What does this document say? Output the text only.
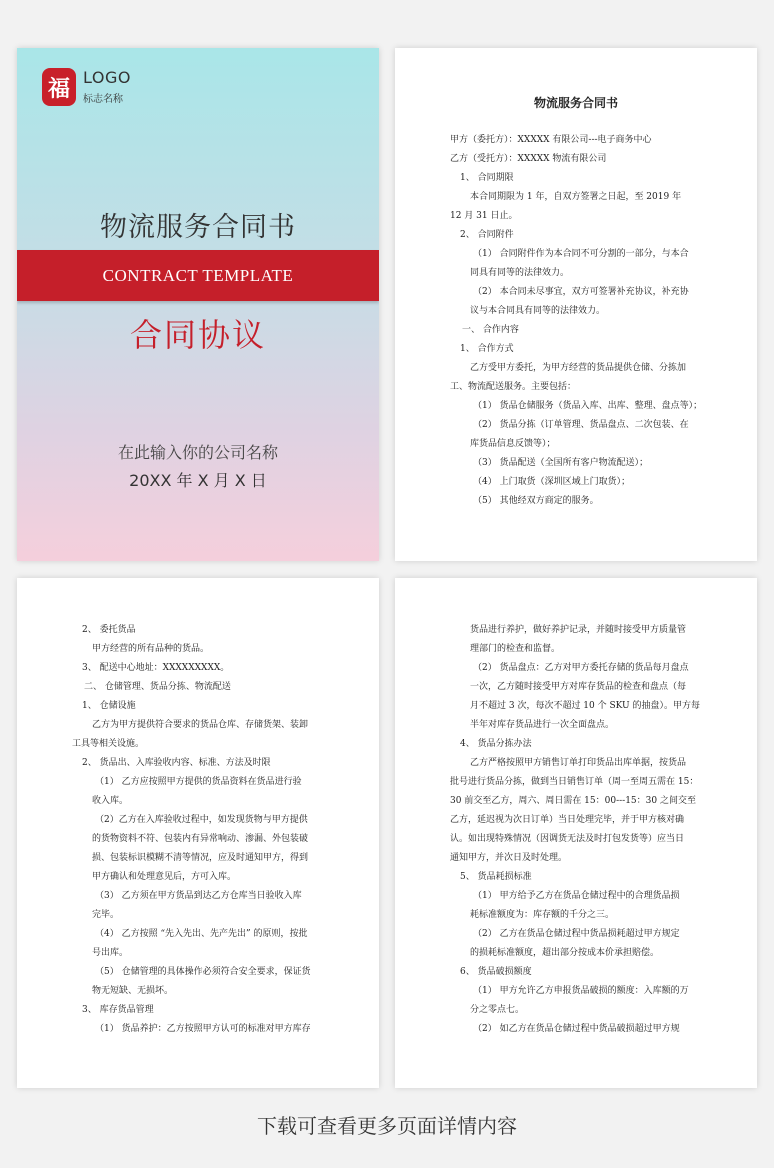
福 LOGO
标志名称
物流服务合同书
CONTRACT TEMPLATE
合同协议
在此输入你的公司名称
20XX 年 X 月 X 日
物流服务合同书
甲方（委托方）：XXXXX 有限公司---电子商务中心
乙方（受托方）：XXXXX 物流有限公司
1、 合同期限
本合同期限为 1 年，自双方签署之日起，至 2019 年
12 月 31 日止。
2、 合同附件
（1） 合同附件作为本合同不可分割的一部分，与本合
同具有同等的法律效力。
（2） 本合同未尽事宜，双方可签署补充协议，补充协
议与本合同具有同等的法律效力。
一、 合作内容
1、 合作方式
乙方受甲方委托，为甲方经营的货品提供仓储、分拣加
工、物流配送服务。主要包括：
（1） 货品仓储服务（货品入库、出库、整理、盘点等）；
（2） 货品分拣（订单管理、货品盘点、二次包装、在
库货品信息反馈等）；
（3） 货品配送（全国所有客户物流配送）；
（4） 上门取货（深圳区域上门取货）；
（5） 其他经双方商定的服务。
2、 委托货品
甲方经营的所有品种的货品。
3、 配送中心地址：XXXXXXXXX。
二、 仓储管理、货品分拣、物流配送
1、 仓储设施
乙方为甲方提供符合要求的货品仓库、存储货架、装卸
工具等相关设施。
2、 货品出、入库验收内容、标准、方法及时限
（1） 乙方应按照甲方提供的货品资料在货品进行验
收入库。
（2）乙方在入库验收过程中，如发现货物与甲方提供
的货物资料不符、包装内有异常响动、渗漏、外包装破
损、包装标识模糊不清等情况，应及时通知甲方，得到
甲方确认和处理意见后，方可入库。
（3） 乙方须在甲方货品到达乙方仓库当日验收入库
完毕。
（4） 乙方按照 “先入先出、先产先出” 的原则，按批
号出库。
（5） 仓储管理的具体操作必须符合安全要求，保证货
物无短缺、无损坏。
3、 库存货品管理
（1） 货品养护：乙方按照甲方认可的标准对甲方库存
货品进行养护，做好养护记录，并随时接受甲方质量管
理部门的检查和监督。
（2） 货品盘点：乙方对甲方委托存储的货品每月盘点
一次，乙方随时接受甲方对库存货品的检查和盘点（每
月不超过 3 次，每次不超过 10 个 SKU 的抽盘）。甲方每
半年对库存货品进行一次全面盘点。
4、 货品分拣办法
乙方严格按照甲方销售订单打印货品出库单据，按货品
批号进行货品分拣，做到当日销售订单（周一至周五需在 15：
30 前交至乙方，周六、周日需在 15：00---15：30 之间交至
乙方，延迟视为次日订单）当日处理完毕，并于甲方核对确
认。如出现特殊情况（因调货无法及时打包发货等）应当日
通知甲方，并次日及时处理。
5、 货品耗损标准
（1） 甲方给予乙方在货品仓储过程中的合理货品损
耗标准额度为：库存额的千分之三。
（2） 乙方在货品仓储过程中货品损耗超过甲方规定
的损耗标准额度，超出部分按成本价承担赔偿。
6、 货品破损额度
（1） 甲方允许乙方申报货品破损的额度：入库额的万
分之零点七。
（2） 如乙方在货品仓储过程中货品破损超过甲方规
下载可查看更多页面详情内容
